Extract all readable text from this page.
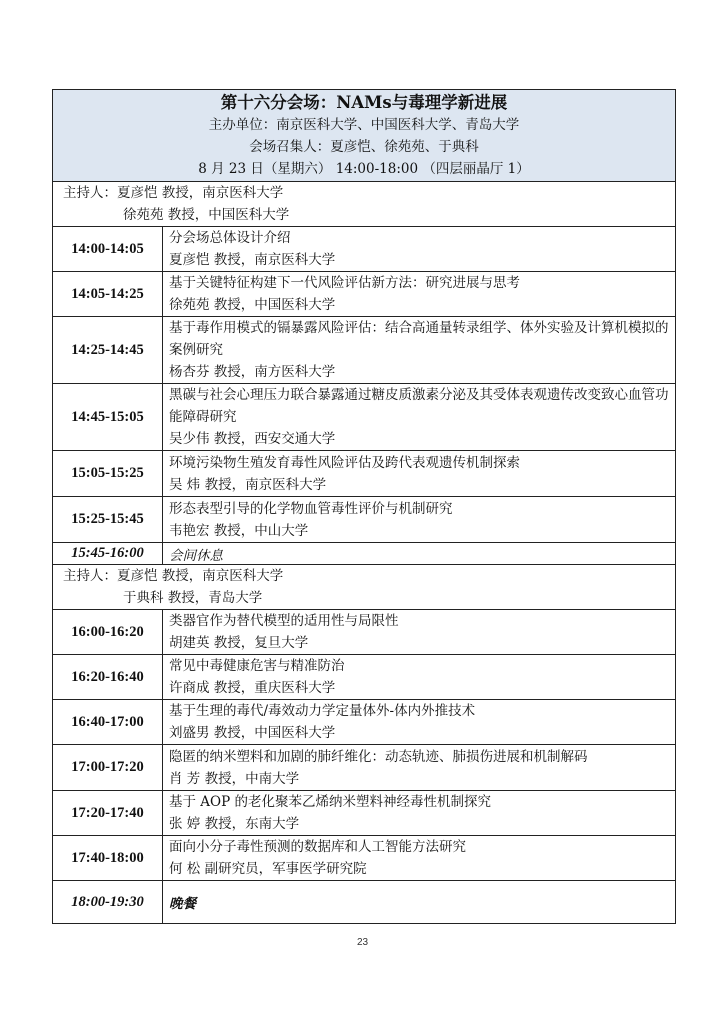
第十六分会场：NAMs与毒理学新进展
主办单位：南京医科大学、中国医科大学、青岛大学
会场召集人：夏彦恺、徐苑苑、于典科
8 月 23 日（星期六） 14:00-18:00 （四层丽晶厅 1）	

主持人：夏彦恺 教授，南京医科大学
徐苑苑 教授，中国医科大学	

14:00-14:05	分会场总体设计介绍
夏彦恺 教授，南京医科大学

14:05-14:25	基于关键特征构建下一代风险评估新方法：研究进展与思考
徐苑苑 教授，中国医科大学

14:25-14:45	基于毒作用模式的镉暴露风险评估：结合高通量转录组学、体外实验及计算机模拟的案例研究
杨杏芬 教授，南方医科大学

14:45-15:05	黑碳与社会心理压力联合暴露通过糖皮质激素分泌及其受体表观遗传改变致心血管功能障碍研究
吴少伟 教授，西安交通大学

15:05-15:25	环境污染物生殖发育毒性风险评估及跨代表观遗传机制探索
吴 炜 教授，南京医科大学

15:25-15:45	形态表型引导的化学物血管毒性评价与机制研究
韦艳宏 教授，中山大学

15:45-16:00	会间休息
主持人：夏彦恺 教授，南京医科大学
于典科 教授，青岛大学	

16:00-16:20	类器官作为替代模型的适用性与局限性
胡建英 教授，复旦大学

16:20-16:40	常见中毒健康危害与精准防治
许商成 教授，重庆医科大学

16:40-17:00	基于生理的毒代/毒效动力学定量体外-体内外推技术
刘盛男 教授，中国医科大学

17:00-17:20	隐匿的纳米塑料和加剧的肺纤维化：动态轨迹、肺损伤进展和机制解码
肖 芳 教授，中南大学

17:20-17:40	基于 AOP 的老化聚苯乙烯纳米塑料神经毒性机制探究
张 婷 教授，东南大学

17:40-18:00	面向小分子毒性预测的数据库和人工智能方法研究
何 松 副研究员，军事医学研究院

18:00-19:30	晚餐
23
